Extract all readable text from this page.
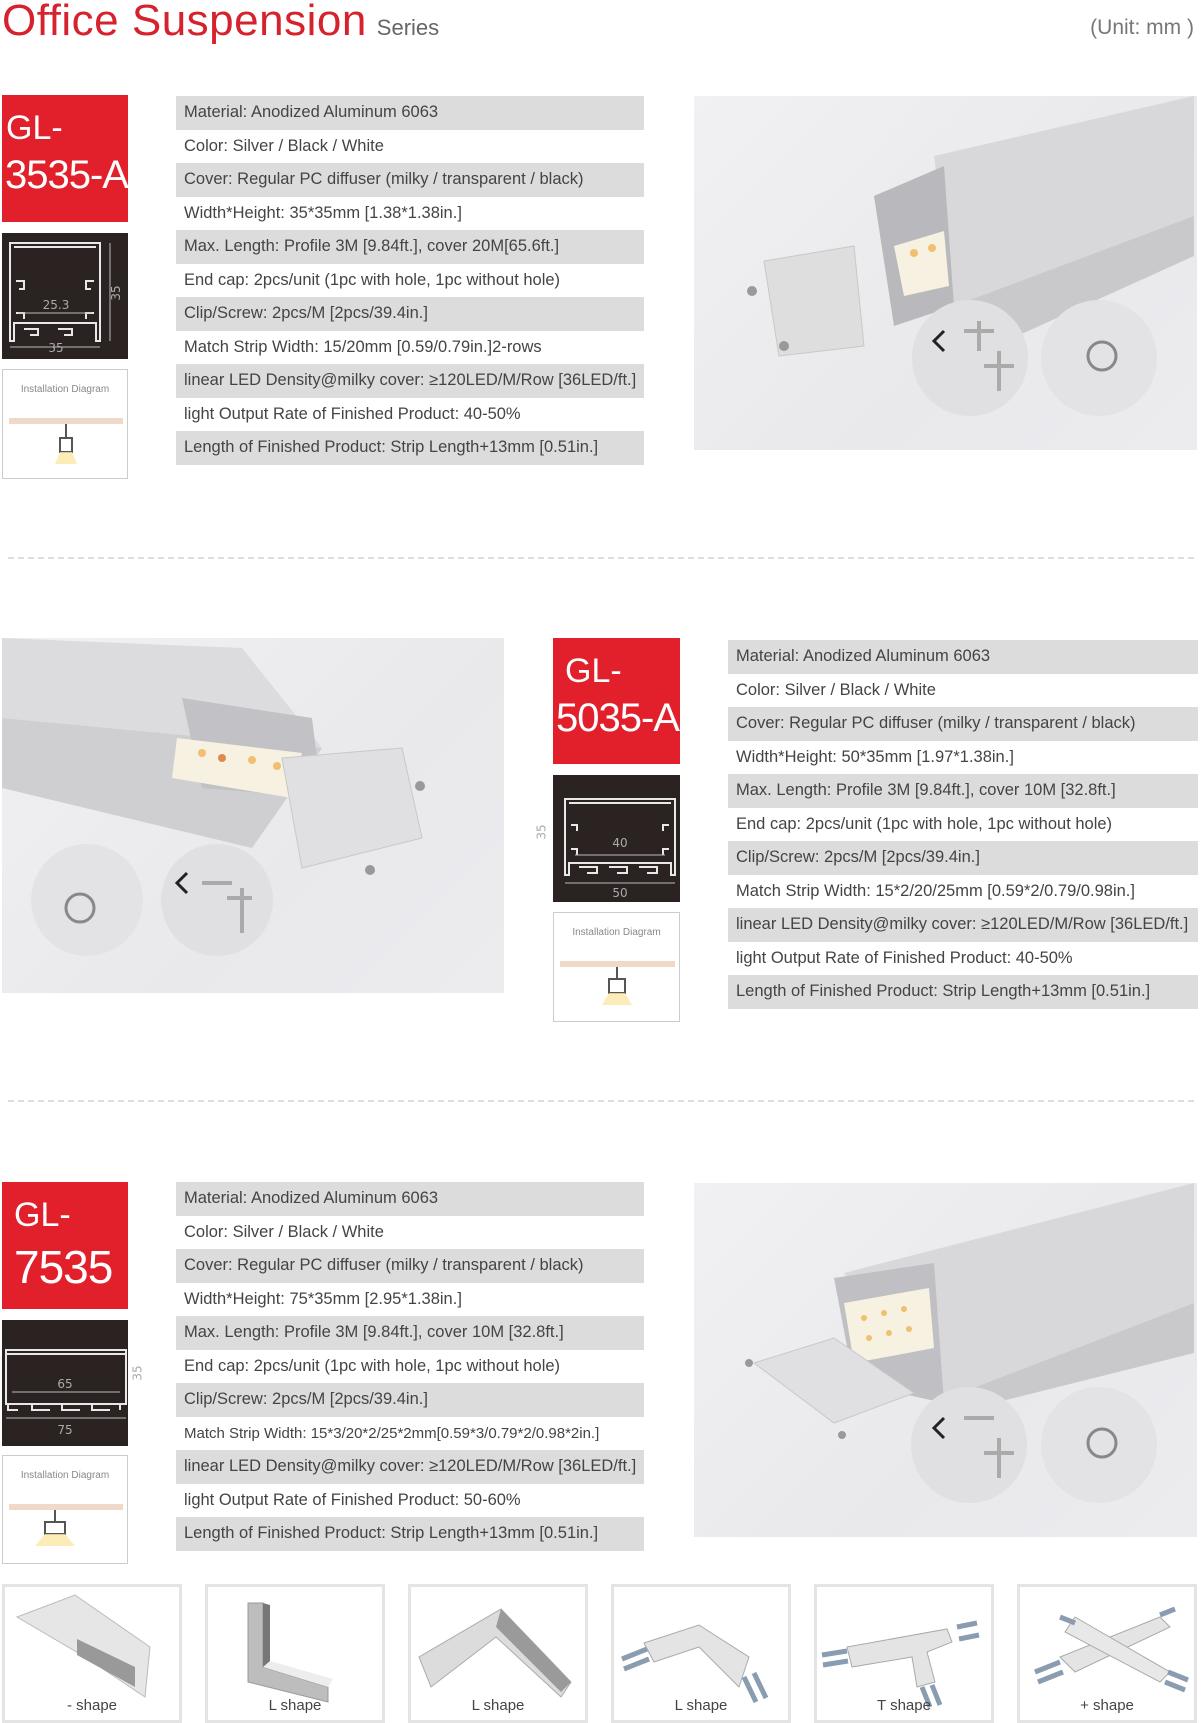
Office Suspension Series	(Unit: mm )
GL-
3535-A
25.3
35
35
Installation Diagram
Material: Anodized Aluminum 6063
Color: Silver / Black / White
Cover: Regular PC diffuser (milky / transparent / black)
Width*Height: 35*35mm [1.38*1.38in.]
Max. Length: Profile 3M [9.84ft.], cover 20M[65.6ft.]
End cap: 2pcs/unit (1pc with hole, 1pc without hole)
Clip/Screw: 2pcs/M [2pcs/39.4in.]
Match Strip Width: 15/20mm [0.59/0.79in.]2-rows
linear LED Density@milky cover: ≥120LED/M/Row [36LED/ft.]
light Output Rate of Finished Product: 40-50%
Length of Finished Product: Strip Length+13mm [0.51in.]
GL-
5035-A
40
50
35
Installation Diagram
Material: Anodized Aluminum 6063
Color: Silver / Black / White
Cover: Regular PC diffuser (milky / transparent / black)
Width*Height: 50*35mm [1.97*1.38in.]
Max. Length: Profile 3M [9.84ft.], cover 10M [32.8ft.]
End cap: 2pcs/unit (1pc with hole, 1pc without hole)
Clip/Screw: 2pcs/M [2pcs/39.4in.]
Match Strip Width: 15*2/20/25mm [0.59*2/0.79/0.98in.]
linear LED Density@milky cover: ≥120LED/M/Row [36LED/ft.]
light Output Rate of Finished Product: 40-50%
Length of Finished Product: Strip Length+13mm [0.51in.]
GL-
7535
65
75
35
Installation Diagram
Material: Anodized Aluminum 6063
Color: Silver / Black / White
Cover: Regular PC diffuser (milky / transparent / black)
Width*Height: 75*35mm [2.95*1.38in.]
Max. Length: Profile 3M [9.84ft.], cover 10M [32.8ft.]
End cap: 2pcs/unit (1pc with hole, 1pc without hole)
Clip/Screw: 2pcs/M [2pcs/39.4in.]
Match Strip Width: 15*3/20*2/25*2mm[0.59*3/0.79*2/0.98*2in.]
linear LED Density@milky cover: ≥120LED/M/Row [36LED/ft.]
light Output Rate of Finished Product: 50-60%
Length of Finished Product: Strip Length+13mm [0.51in.]
- shape	L shape	L shape	L shape	T shape	+ shape
